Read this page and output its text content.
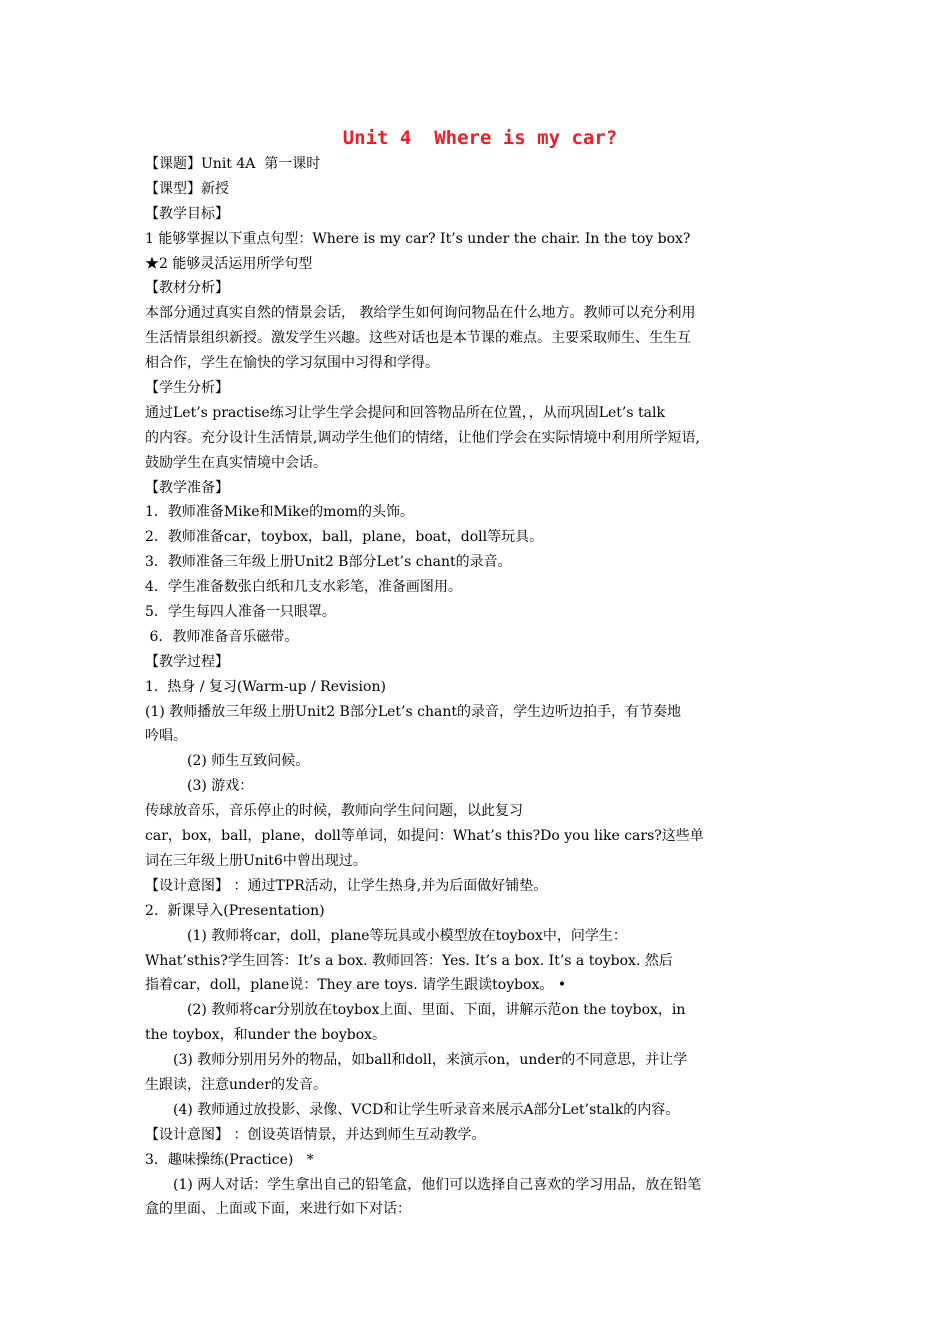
Unit 4  Where is my car?
【课题】Unit 4A  第一课时
【课型】新授
【教学目标】
1 能够掌握以下重点句型：Where is my car? It’s under the chair. In the toy box?
★2 能够灵活运用所学句型
【教材分析】
本部分通过真实自然的情景会话， 教给学生如何询问物品在什么地方。教师可以充分利用
生活情景组织新授。激发学生兴趣。这些对话也是本节课的难点。主要采取师生、生生互
相合作，学生在愉快的学习氛围中习得和学得。
【学生分析】
通过Let’s practise练习让学生学会提问和回答物品所在位置，，从而巩固Let’s talk
的内容。充分设计生活情景,调动学生他们的情绪，让他们学会在实际情境中利用所学短语,
鼓励学生在真实情境中会话。
【教学准备】
1．教师准备Mike和Mike的mom的头饰。
2．教师准备car，toybox，ball，plane，boat，doll等玩具。
3．教师准备三年级上册Unit2 B部分Let’s chant的录音。
4．学生准备数张白纸和几支水彩笔，准备画图用。
5．学生每四人准备一只眼罩。
6．教师准备音乐磁带。
【教学过程】
1.  热身 / 复习(Warm-up / Revision)
(1) 教师播放三年级上册Unit2 B部分Let’s chant的录音，学生边听边拍手，有节奏地
吟唱。
(2) 师生互致问候。
(3) 游戏：
传球放音乐，音乐停止的时候，教师向学生问问题，以此复习
car，box，ball，plane，doll等单词，如提问：What’s this?Do you like cars?这些单
词在三年级上册Unit6中曾出现过。
【设计意图】 ：通过TPR活动，让学生热身,并为后面做好铺垫。
2.  新课导入(Presentation)
(1) 教师将car，doll，plane等玩具或小模型放在toybox中，问学生：
What’sthis?学生回答：It’s a box. 教师回答：Yes. It’s a box. It’s a toybox. 然后
指着car，doll，plane说：They are toys. 请学生跟读toybox。 •
(2) 教师将car分别放在toybox上面、里面、下面，讲解示范on the toybox，in
the toybox，和under the boybox。
(3) 教师分别用另外的物品，如ball和doll，来演示on，under的不同意思，并让学
生跟读，注意under的发音。
(4) 教师通过放投影、录像、VCD和让学生听录音来展示A部分Let’stalk的内容。
【设计意图】 ：创设英语情景，并达到师生互动教学。
3．趣味操练(Practice)   *
(1) 两人对话：学生拿出自己的铅笔盒，他们可以选择自己喜欢的学习用品，放在铅笔
盒的里面、上面或下面，来进行如下对话：
